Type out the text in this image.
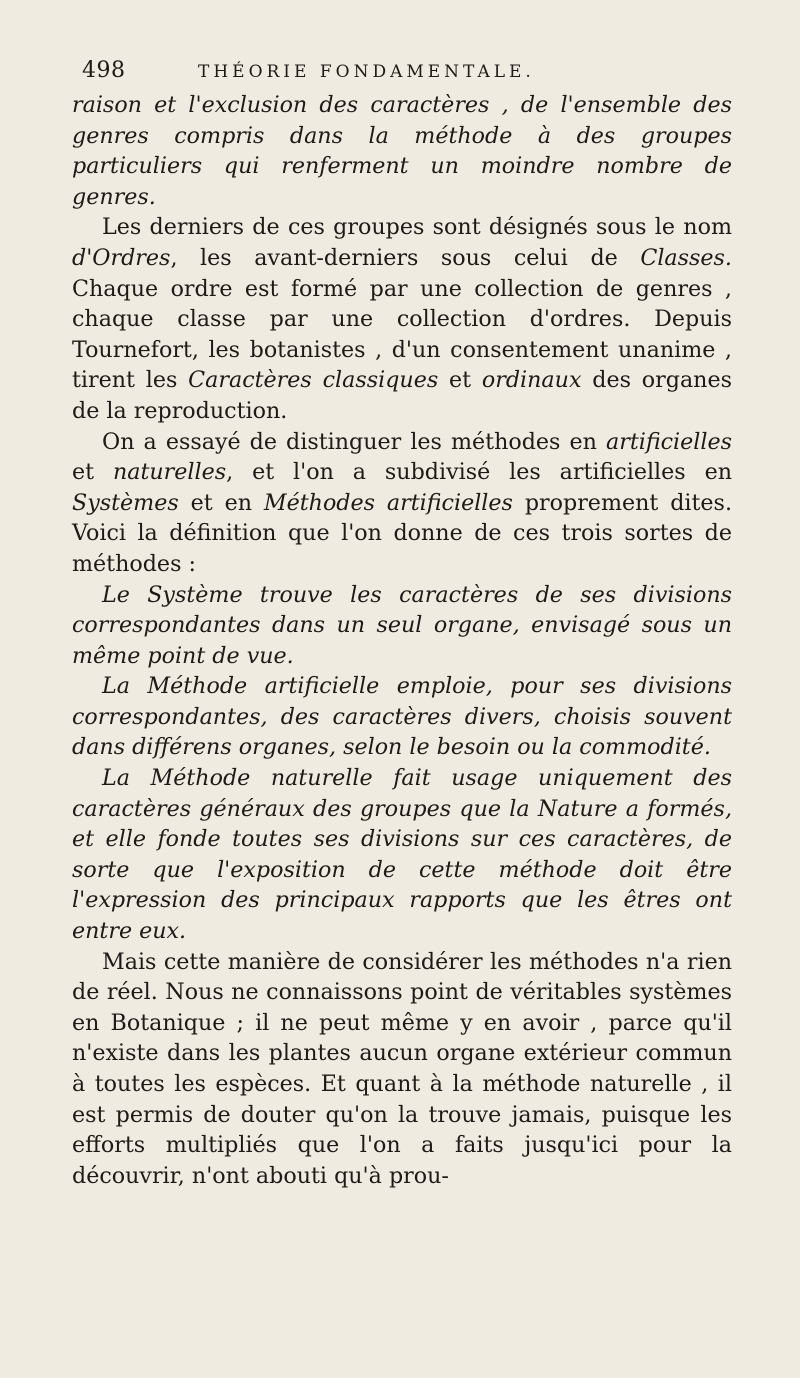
498	THÉORIE FONDAMENTALE.

raison et l'exclusion des caractères , de l'ensemble des genres compris dans la méthode à des groupes particuliers qui renferment un moindre nombre de genres.

Les derniers de ces groupes sont désignés sous le nom d'Ordres, les avant-derniers sous celui de Classes. Chaque ordre est formé par une collection de genres , chaque classe par une collection d'ordres. Depuis Tournefort, les botanistes , d'un consentement unanime , tirent les Caractères classiques et ordinaux des organes de la reproduction.

On a essayé de distinguer les méthodes en artificielles et naturelles, et l'on a subdivisé les artificielles en Systèmes et en Méthodes artificielles proprement dites. Voici la définition que l'on donne de ces trois sortes de méthodes :

Le Système trouve les caractères de ses divisions correspondantes dans un seul organe, envisagé sous un même point de vue.

La Méthode artificielle emploie, pour ses divisions correspondantes, des caractères divers, choisis souvent dans différens organes, selon le besoin ou la commodité.

La Méthode naturelle fait usage uniquement des caractères généraux des groupes que la Nature a formés, et elle fonde toutes ses divisions sur ces caractères, de sorte que l'exposition de cette méthode doit être l'expression des principaux rapports que les êtres ont entre eux.

Mais cette manière de considérer les méthodes n'a rien de réel. Nous ne connaissons point de véritables systèmes en Botanique ; il ne peut même y en avoir , parce qu'il n'existe dans les plantes aucun organe extérieur commun à toutes les espèces. Et quant à la méthode naturelle , il est permis de douter qu'on la trouve jamais, puisque les efforts multipliés que l'on a faits jusqu'ici pour la découvrir, n'ont abouti qu'à prou-
